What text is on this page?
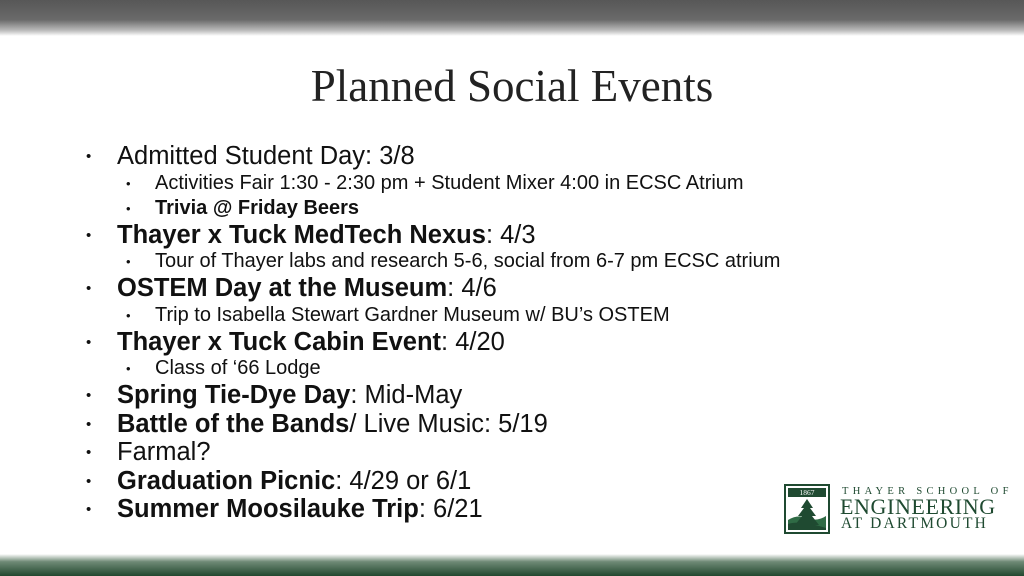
Planned Social Events
• Admitted Student Day: 3/8
• Activities Fair 1:30 - 2:30 pm + Student Mixer 4:00 in ECSC Atrium
• Trivia @ Friday Beers
• Thayer x Tuck MedTech Nexus: 4/3
• Tour of Thayer labs and research 5-6, social from 6-7 pm ECSC atrium
• OSTEM Day at the Museum: 4/6
• Trip to Isabella Stewart Gardner Museum w/ BU’s OSTEM
• Thayer x Tuck Cabin Event: 4/20
• Class of ‘66 Lodge
• Spring Tie-Dye Day: Mid-May
• Battle of the Bands/ Live Music: 5/19
• Farmal?
• Graduation Picnic: 4/29 or 6/1
• Summer Moosilauke Trip: 6/21
1867	THAYER SCHOOL OF
ENGINEERING
AT DARTMOUTH
